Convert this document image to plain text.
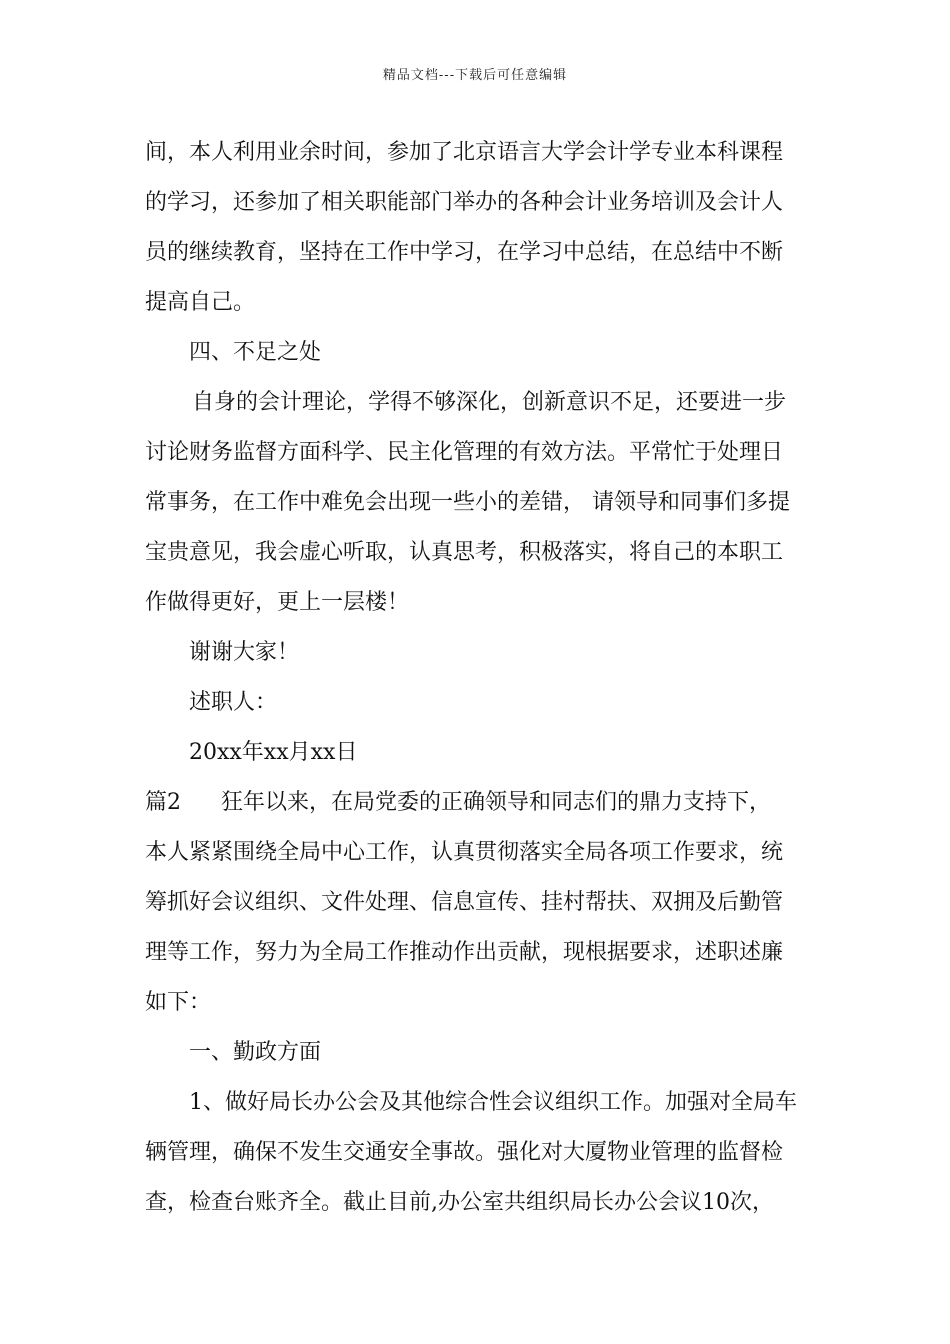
精品文档---下载后可任意编辑
间，本人利用业余时间，参加了北京语言大学会计学专业本科课程
的学习，还参加了相关职能部门举办的各种会计业务培训及会计人
员的继续教育，坚持在工作中学习，在学习中总结，在总结中不断
提高自己。
四、不足之处
自身的会计理论，学得不够深化，创新意识不足，还要进一步
讨论财务监督方面科学、民主化管理的有效方法。平常忙于处理日
常事务，在工作中难免会出现一些小的差错， 请领导和同事们多提
宝贵意见，我会虚心听取，认真思考，积极落实，将自己的本职工
作做得更好，更上一层楼！
谢谢大家！
述职人：
20xx年xx月xx日
篇2 狂年以来，在局党委的正确领导和同志们的鼎力支持下，
本人紧紧围绕全局中心工作，认真贯彻落实全局各项工作要求，统
筹抓好会议组织、文件处理、信息宣传、挂村帮扶、双拥及后勤管
理等工作，努力为全局工作推动作出贡献，现根据要求，述职述廉
如下：
一、勤政方面
1、做好局长办公会及其他综合性会议组织工作。加强对全局车
辆管理，确保不发生交通安全事故。强化对大厦物业管理的监督检
查，检查台账齐全。截止目前,办公室共组织局长办公会议10次，
